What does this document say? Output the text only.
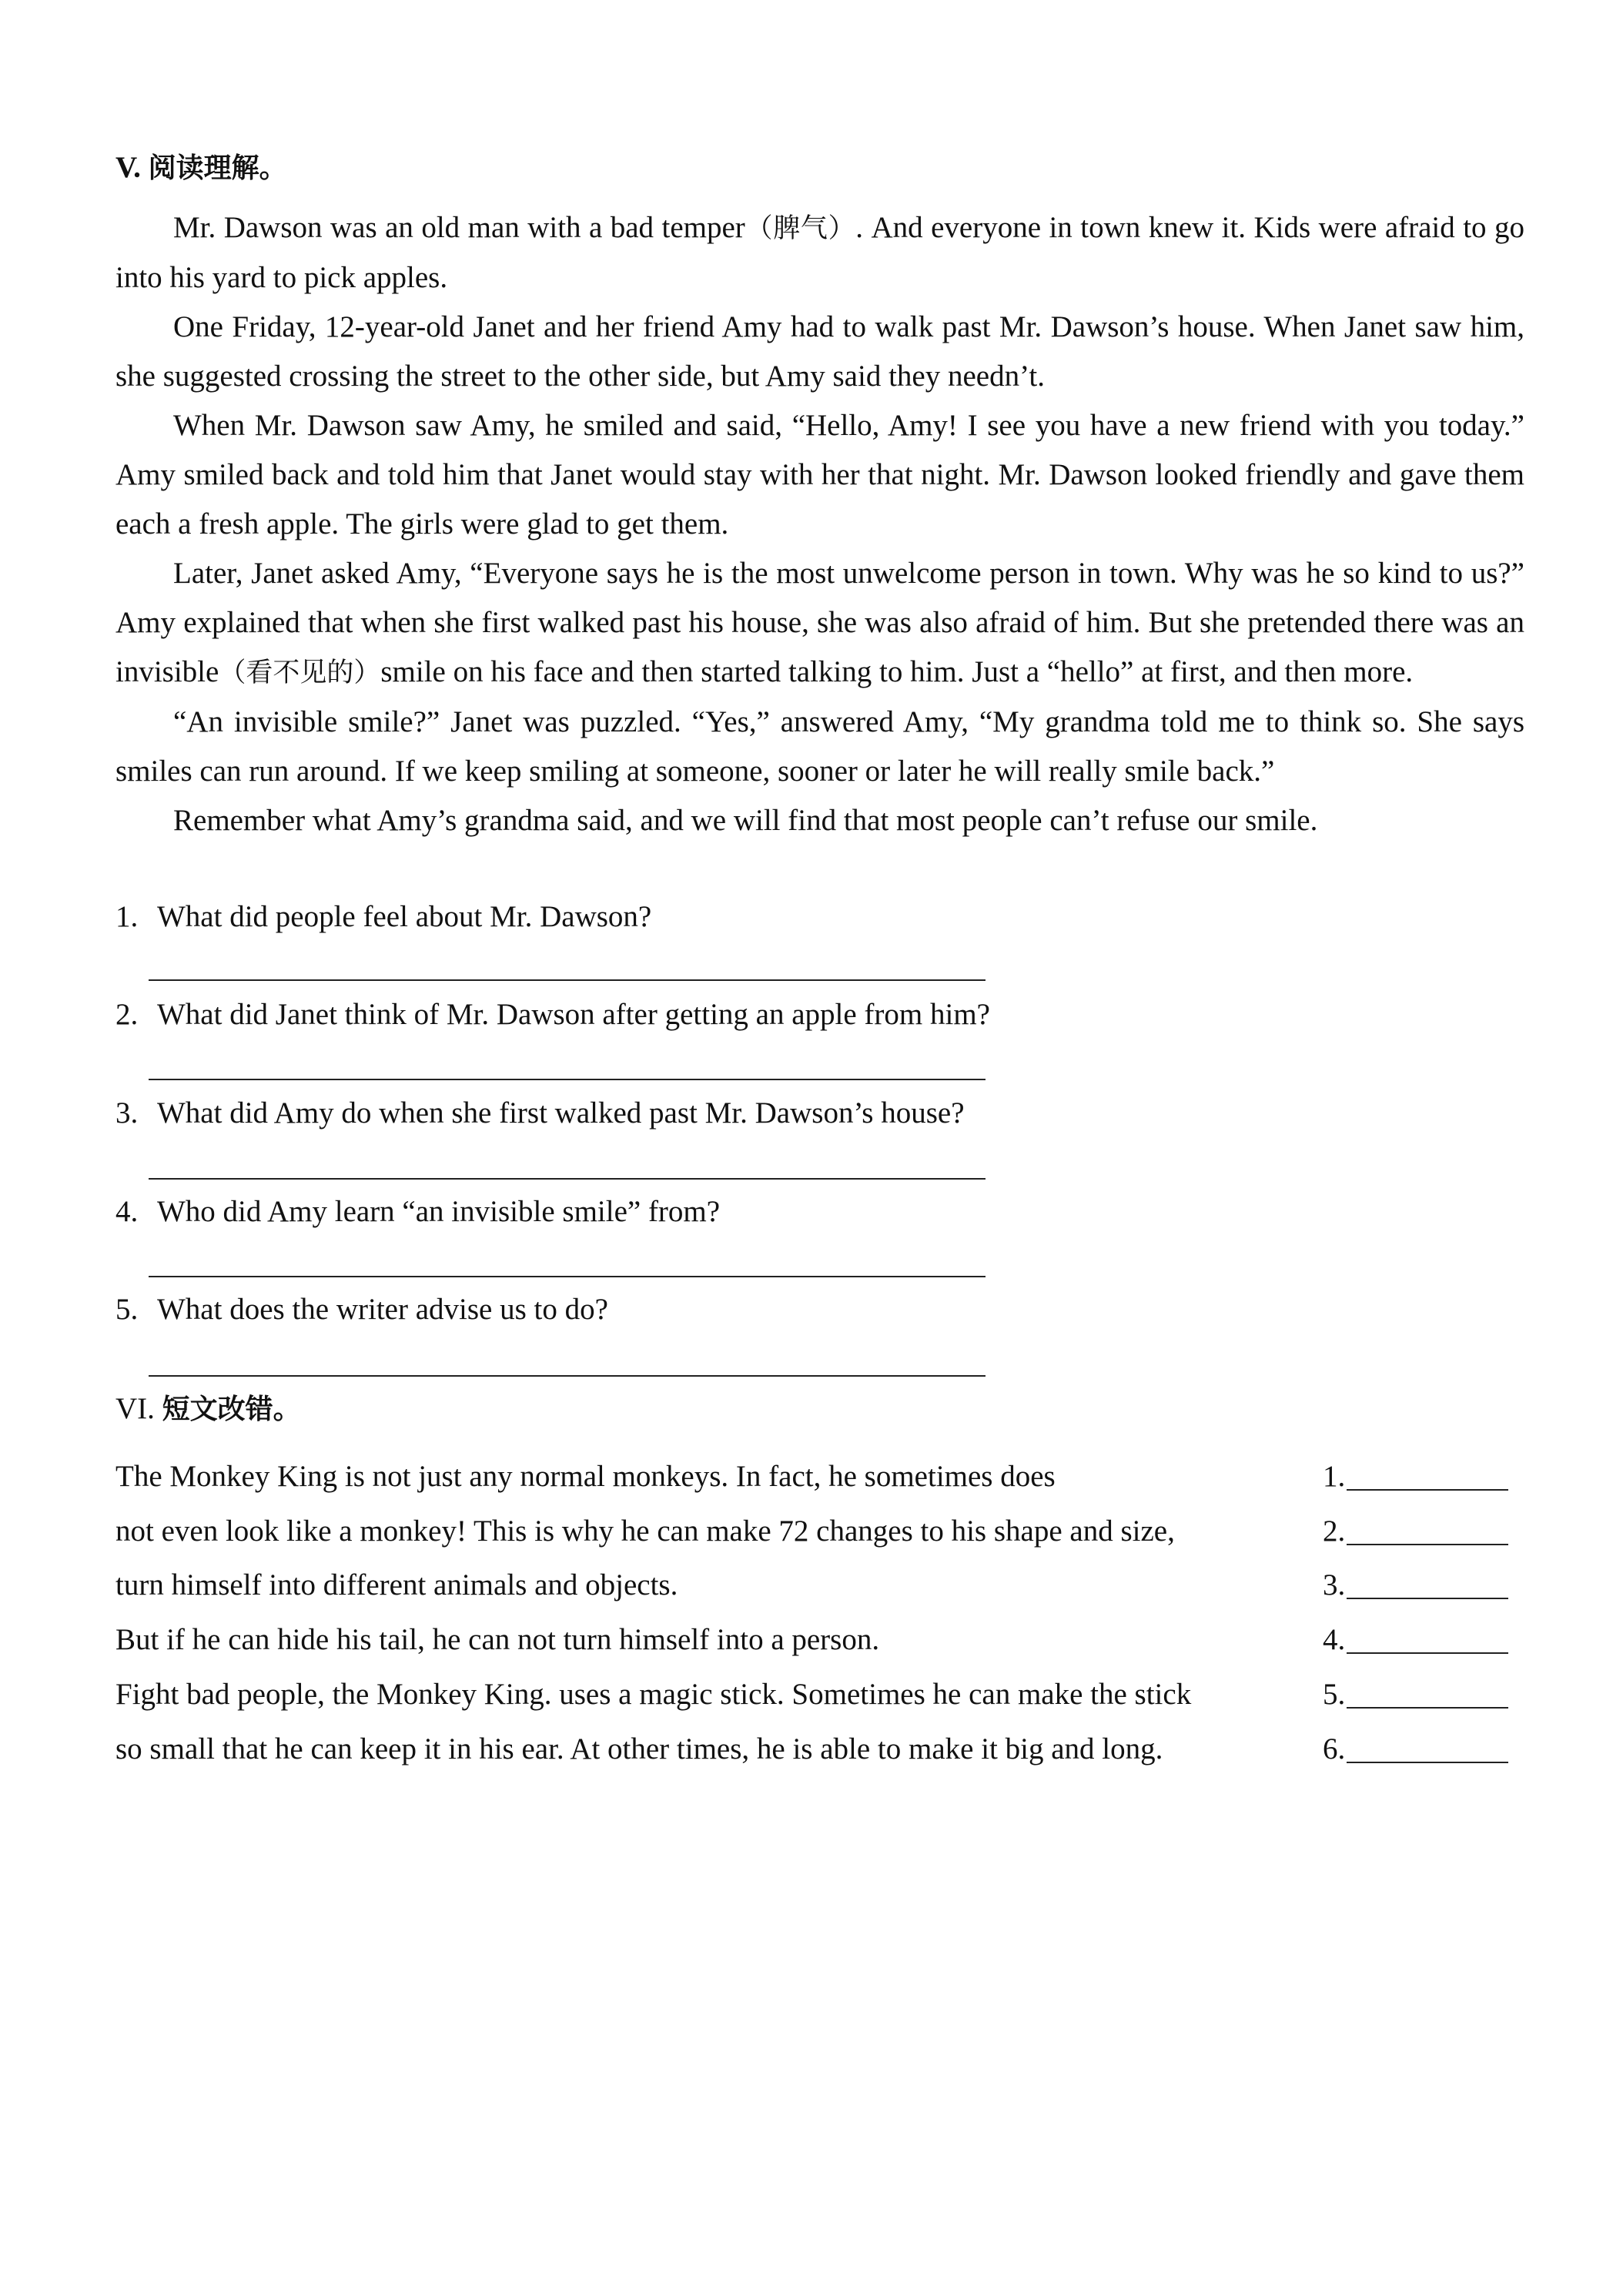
V. 阅读理解。

Mr. Dawson was an old man with a bad temper（脾气）. And everyone in town knew it. Kids were afraid to go into his yard to pick apples.

One Friday, 12-year-old Janet and her friend Amy had to walk past Mr. Dawson’s house. When Janet saw him, she suggested crossing the street to the other side, but Amy said they needn’t.

When Mr. Dawson saw Amy, he smiled and said, “Hello, Amy! I see you have a new friend with you today.” Amy smiled back and told him that Janet would stay with her that night. Mr. Dawson looked friendly and gave them each a fresh apple. The girls were glad to get them.

Later, Janet asked Amy, “Everyone says he is the most unwelcome person in town. Why was he so kind to us?” Amy explained that when she first walked past his house, she was also afraid of him. But she pretended there was an invisible（看不见的）smile on his face and then started talking to him. Just a “hello” at first, and then more.

“An invisible smile?” Janet was puzzled. “Yes,” answered Amy, “My grandma told me to think so. She says smiles can run around. If we keep smiling at someone, sooner or later he will really smile back.”

Remember what Amy’s grandma said, and we will find that most people can’t refuse our smile.

1. What did people feel about Mr. Dawson?
2. What did Janet think of Mr. Dawson after getting an apple from him?
3. What did Amy do when she first walked past Mr. Dawson’s house?
4. Who did Amy learn “an invisible smile” from?
5. What does the writer advise us to do?
VI. 短文改错。
The Monkey King is not just any normal monkeys. In fact, he sometimes does	1.
not even look like a monkey! This is why he can make 72 changes to his shape and size,	2.
turn himself into different animals and objects.	3.
But if he can hide his tail, he can not turn himself into a person.	4.
Fight bad people, the Monkey King. uses a magic stick. Sometimes he can make the stick	5.
so small that he can keep it in his ear. At other times, he is able to make it big and long.	6.
